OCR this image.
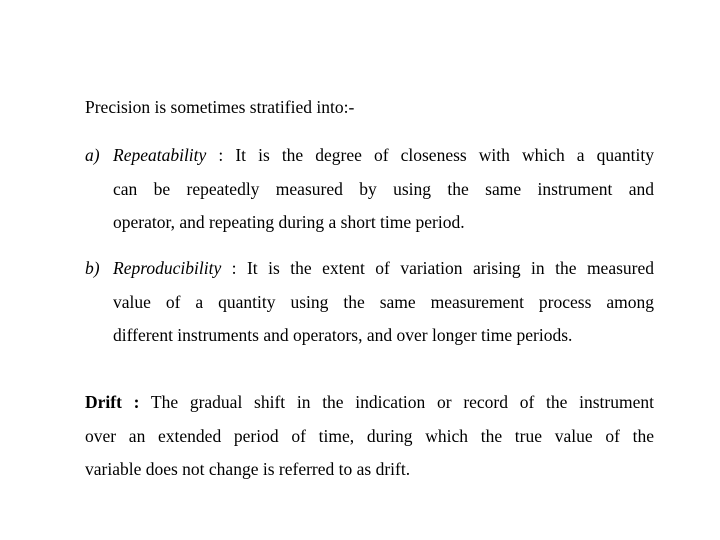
Precision is sometimes stratified into:-
a) Repeatability : It is the degree of closeness with which a quantity
can be repeatedly measured by using the same instrument and
operator, and repeating during a short time period.
b) Reproducibility : It is the extent of variation arising in the measured
value of a quantity using the same measurement process among
different instruments and operators, and over longer time periods.
Drift : The gradual shift in the indication or record of the instrument
over an extended period of time, during which the true value of the
variable does not change is referred to as drift.
